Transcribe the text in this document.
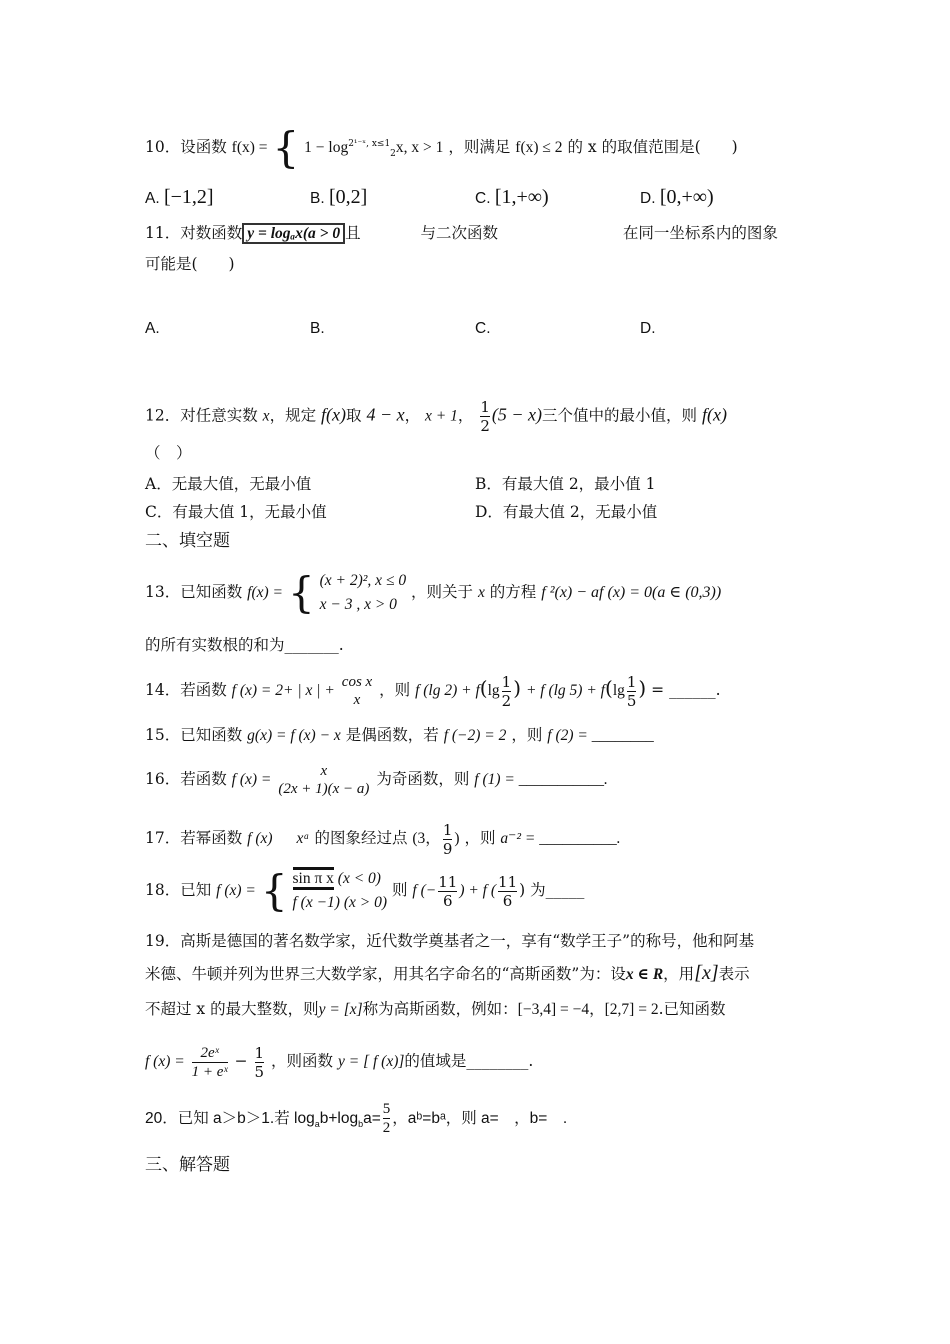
10．设函数 f(x) = { $1 - \log^{2^{1-}ˣ, x\le 1}_2x$, x > 1 ，则满足 f(x) ≤ 2 的 x 的取值范围是(　　)
A. [−1,2]	B. [0,2]	C. [1,+∞)	D. [0,+∞)
11．对数函数 y = logₐx(a > 0 且	与二次函数	在同一坐标系内的图象
可能是(　　)
A.	B.	C.	D.
12．对任意实数 x，规定 f(x)取 4 − x， x + 1， $\frac{1}{2} (5 - x)$三个值中的最小值，则 f(x)
（　）
A．无最大值，无最小值	B．有最大值 2，最小值 1
C．有最大值 1，无最小值	D．有最大值 2，无最小值
二、填空题
13．已知函数 f(x) = { (x + 2)², x ≤ 0
x − 3 , x > 0
，则关于 x 的方程 f ²(x) − af (x) = 0(a ∈ (0,3))
的所有实数根的和为_______.
14．若函数 f (x) = 2+ | x | + cos x
x
，则 f (lg $2) + f(\lg \frac{1}{2}$ ) + f (lg $5) + f(\lg \frac{1}{5}$ ) = ______.
15．已知函数 g(x) = f (x) − x 是偶函数，若 f (−2) = 2 ，则 f (2) = ________
16．若函数 f (x) =	x
(2x + 1)(x − a)
为奇函数，则 f (1) = ___________.
17．若幂函数 f (x) xᵃ 的图象经过点 (3， $\frac{1}{9}$ ) ，则 a⁻² = __________.
18．已知 f (x) = { sin π x (x < 0)
f (x −1) (x > 0)
则 f (− $\frac{11}{6}$ ) + f ( $\frac{11}{6}$ ) 为_____
19．高斯是德国的著名数学家，近代数学奠基者之一，享有“数学王子”的称号，他和阿基
米德、牛顿并列为世界三大数学家，用其名字命名的“高斯函数”为：设x ∈ R，用[x]表示
不超过 x 的最大整数，则y = [x]称为高斯函数，例如：[−3,4] = −4，[2,7] = 2.已知函数
f $(x) = \frac{\text{2eˣ}}{\text{1 + eˣ}} - \frac{1}{5}$ ，则函数 y = [ f (x)]的值域是________.
20．已知 a＞b＞1.若 $\log_ab+\log_ba= \frac{5}{2}$ ，aᵇ=bᵃ，则 a=　，b=　.
三、解答题
